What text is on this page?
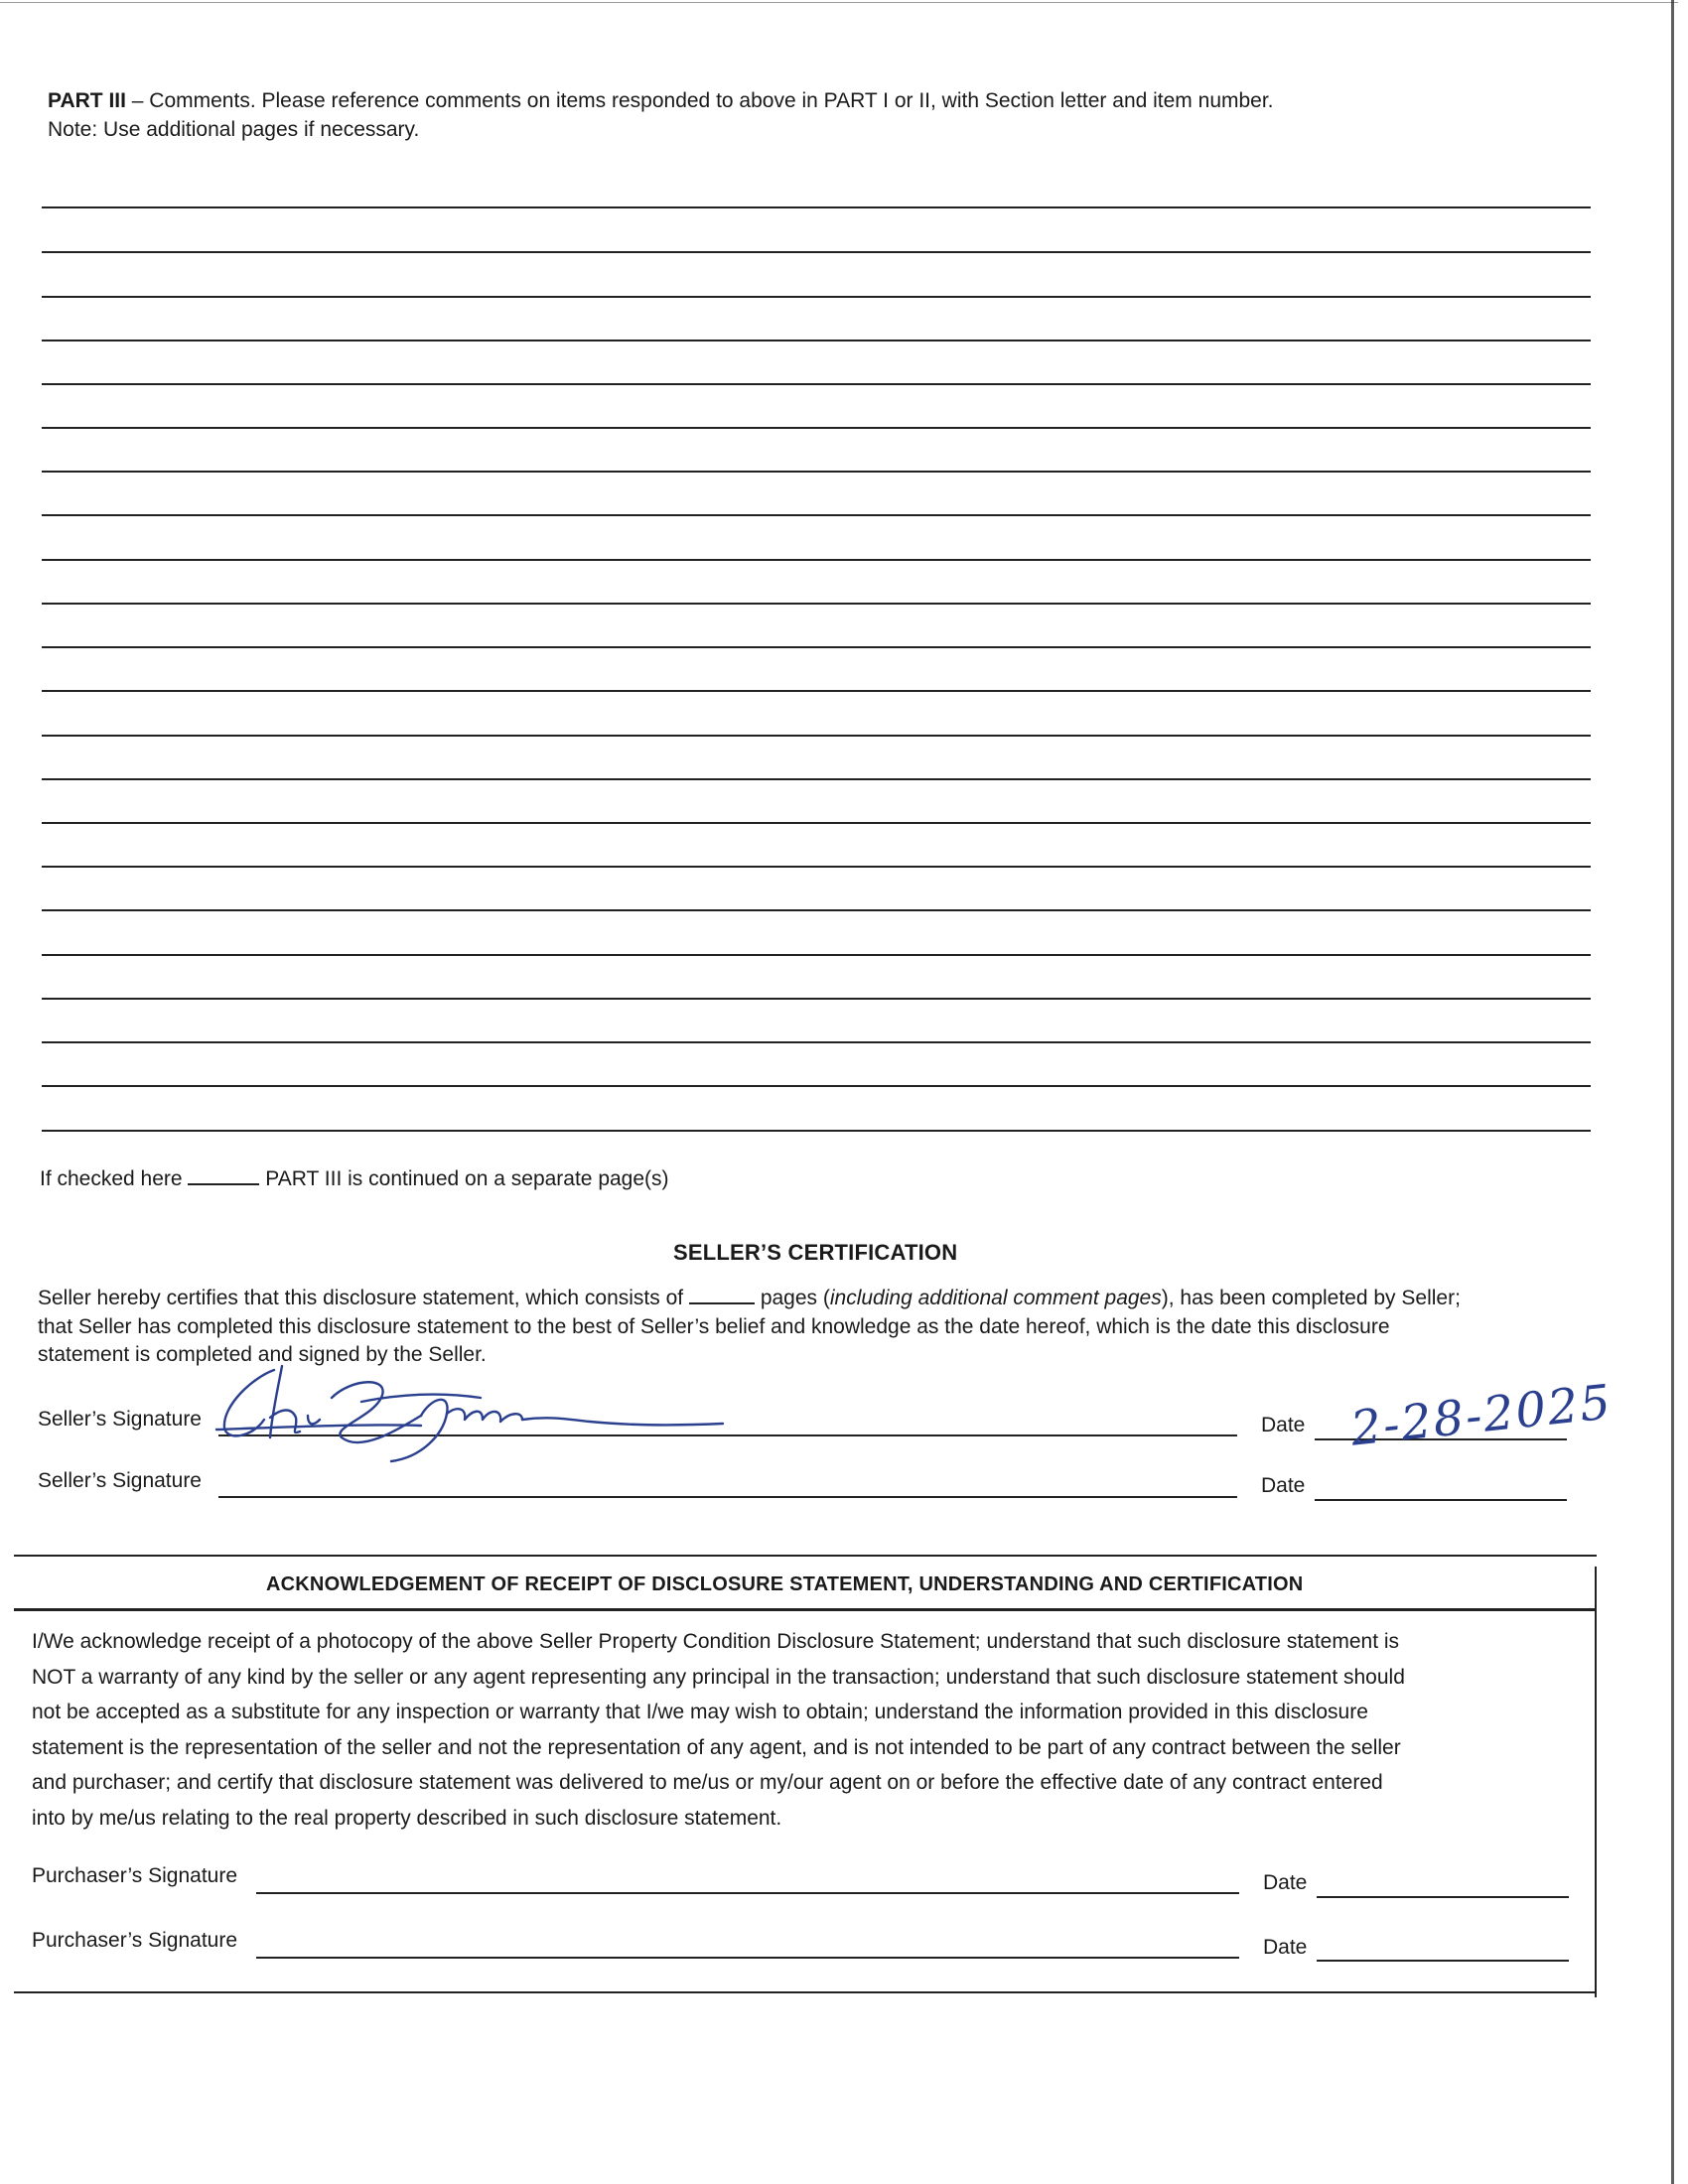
PART III – Comments. Please reference comments on items responded to above in PART I or II, with Section letter and item number.
Note: Use additional pages if necessary.
If checked here	PART III is continued on a separate page(s)
SELLER’S CERTIFICATION
Seller hereby certifies that this disclosure statement, which consists of	pages (including additional comment pages), has been completed by Seller;
that Seller has completed this disclosure statement to the best of Seller’s belief and knowledge as the date hereof, which is the date this disclosure
statement is completed and signed by the Seller.
Seller’s Signature	Date 2-28-2025
Seller’s Signature	Date
ACKNOWLEDGEMENT OF RECEIPT OF DISCLOSURE STATEMENT, UNDERSTANDING AND CERTIFICATION
I/We acknowledge receipt of a photocopy of the above Seller Property Condition Disclosure Statement; understand that such disclosure statement is
NOT a warranty of any kind by the seller or any agent representing any principal in the transaction; understand that such disclosure statement should
not be accepted as a substitute for any inspection or warranty that I/we may wish to obtain; understand the information provided in this disclosure
statement is the representation of the seller and not the representation of any agent, and is not intended to be part of any contract between the seller
and purchaser; and certify that disclosure statement was delivered to me/us or my/our agent on or before the effective date of any contract entered
into by me/us relating to the real property described in such disclosure statement.
Purchaser’s Signature	Date
Purchaser’s Signature	Date
